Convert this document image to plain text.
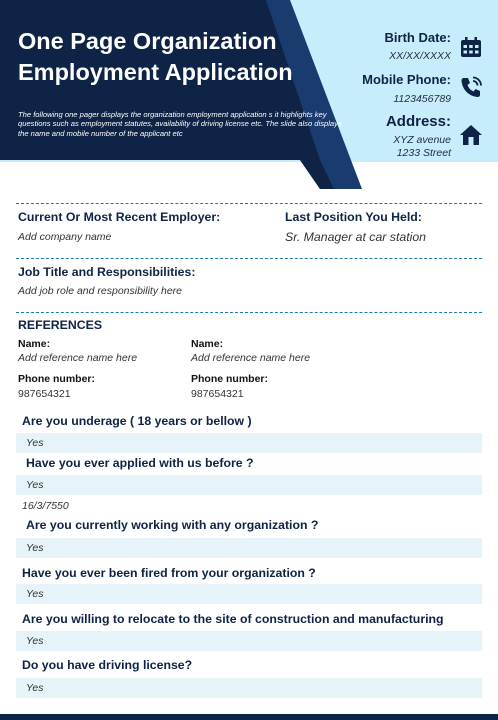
One Page Organization
Employment Application
The following one pager displays the organization employment application s it highlights key questions such as employment statutes, availability of driving license etc. The slide also displays the name and mobile number of the applicant etc
Birth Date:
XX/XX/XXXX
Mobile Phone:
1123456789
Address:
XYZ avenue
1233 Street
Current Or Most Recent Employer:
Add company name
Last Position You Held:
Sr. Manager at car station
Job Title and Responsibilities:
Add job role and responsibility here
REFERENCES
Name:
Add reference name here
Phone number:
987654321
Name:
Add reference name here
Phone number:
987654321
Are you underage ( 18 years or bellow )
Yes
Have you ever applied with us before ?
Yes
16/3/7550
Are you currently working with any organization ?
Yes
Have you ever been fired from your organization ?
Yes
Are you willing to relocate to the site of construction and manufacturing
Yes
Do you have driving license?
Yes
